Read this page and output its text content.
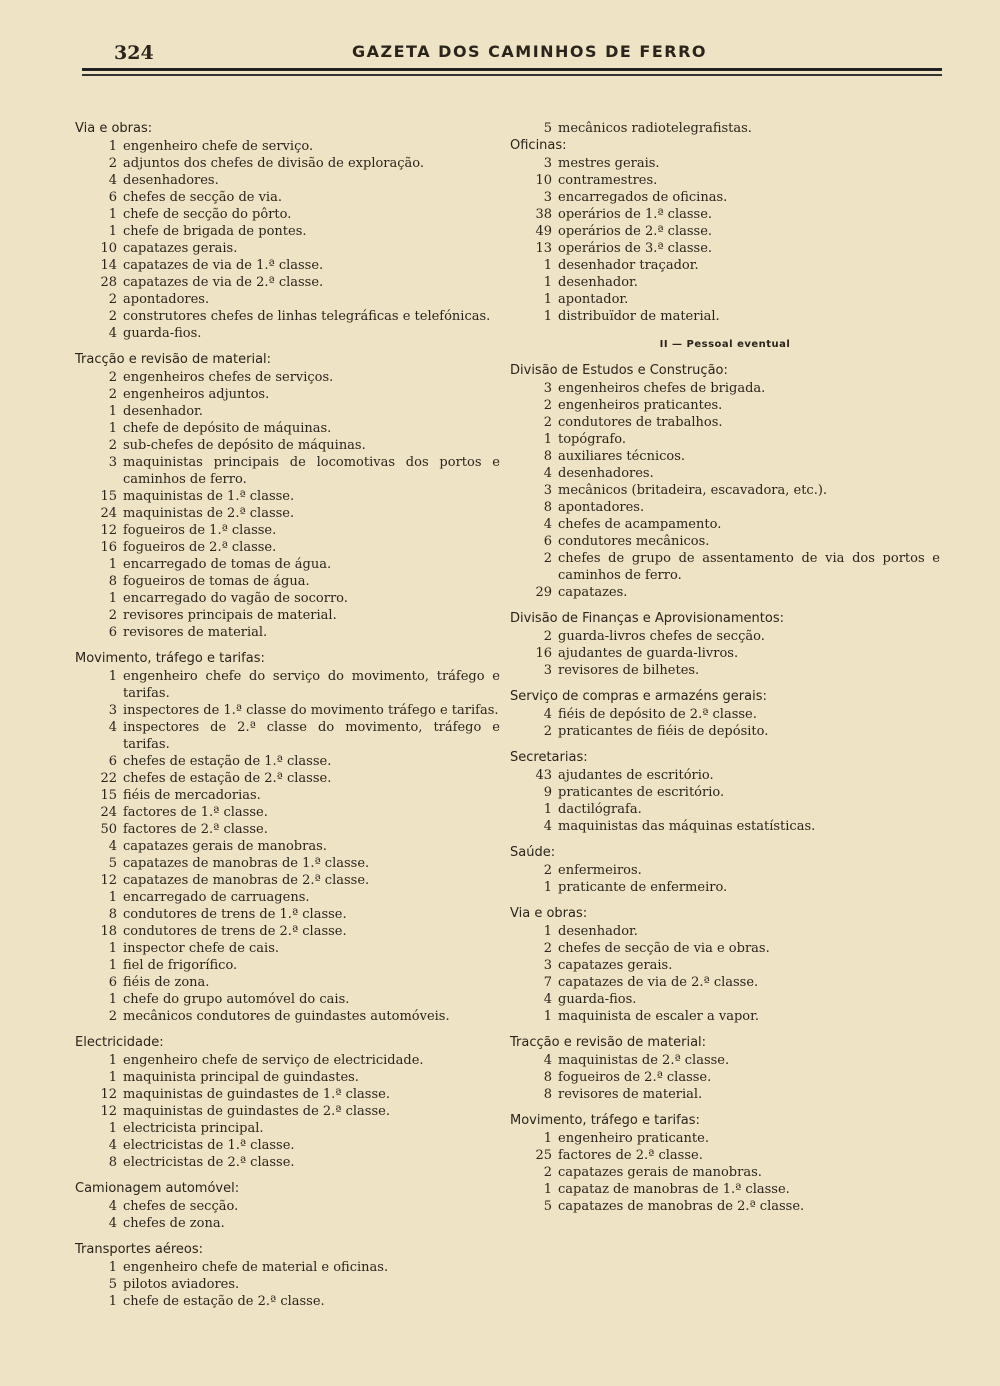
324	GAZETA DOS CAMINHOS DE FERRO
Via e obras:
1 engenheiro chefe de serviço.
2 adjuntos dos chefes de divisão de exploração.
4 desenhadores.
6 chefes de secção de via.
1 chefe de secção do pôrto.
1 chefe de brigada de pontes.
10 capatazes gerais.
14 capatazes de via de 1.ª classe.
28 capatazes de via de 2.ª classe.
2 apontadores.
2 construtores chefes de linhas telegráficas e telefónicas.
4 guarda-fios.
Tracção e revisão de material:
2 engenheiros chefes de serviços.
2 engenheiros adjuntos.
1 desenhador.
1 chefe de depósito de máquinas.
2 sub-chefes de depósito de máquinas.
3 maquinistas principais de locomotivas dos portos e caminhos de ferro.
15 maquinistas de 1.ª classe.
24 maquinistas de 2.ª classe.
12 fogueiros de 1.ª classe.
16 fogueiros de 2.ª classe.
1 encarregado de tomas de água.
8 fogueiros de tomas de água.
1 encarregado do vagão de socorro.
2 revisores principais de material.
6 revisores de material.
Movimento, tráfego e tarifas:
1 engenheiro chefe do serviço do movimento, tráfego e tarifas.
3 inspectores de 1.ª classe do movimento tráfego e tarifas.
4 inspectores de 2.ª classe do movimento, tráfego e tarifas.
6 chefes de estação de 1.ª classe.
22 chefes de estação de 2.ª classe.
15 fiéis de mercadorias.
24 factores de 1.ª classe.
50 factores de 2.ª classe.
4 capatazes gerais de manobras.
5 capatazes de manobras de 1.ª classe.
12 capatazes de manobras de 2.ª classe.
1 encarregado de carruagens.
8 condutores de trens de 1.ª classe.
18 condutores de trens de 2.ª classe.
1 inspector chefe de cais.
1 fiel de frigorífico.
6 fiéis de zona.
1 chefe do grupo automóvel do cais.
2 mecânicos condutores de guindastes automóveis.
Electricidade:
1 engenheiro chefe de serviço de electricidade.
1 maquinista principal de guindastes.
12 maquinistas de guindastes de 1.ª classe.
12 maquinistas de guindastes de 2.ª classe.
1 electricista principal.
4 electricistas de 1.ª classe.
8 electricistas de 2.ª classe.
Camionagem automóvel:
4 chefes de secção.
4 chefes de zona.
Transportes aéreos:
1 engenheiro chefe de material e oficinas.
5 pilotos aviadores.
1 chefe de estação de 2.ª classe.
5 mecânicos radiotelegrafistas.
Oficinas:
3 mestres gerais.
10 contramestres.
3 encarregados de oficinas.
38 operários de 1.ª classe.
49 operários de 2.ª classe.
13 operários de 3.ª classe.
1 desenhador traçador.
1 desenhador.
1 apontador.
1 distribuïdor de material.
II — Pessoal eventual
Divisão de Estudos e Construção:
3 engenheiros chefes de brigada.
2 engenheiros praticantes.
2 condutores de trabalhos.
1 topógrafo.
8 auxiliares técnicos.
4 desenhadores.
3 mecânicos (britadeira, escavadora, etc.).
8 apontadores.
4 chefes de acampamento.
6 condutores mecânicos.
2 chefes de grupo de assentamento de via dos portos e caminhos de ferro.
29 capatazes.
Divisão de Finanças e Aprovisionamentos:
2 guarda-livros chefes de secção.
16 ajudantes de guarda-livros.
3 revisores de bilhetes.
Serviço de compras e armazéns gerais:
4 fiéis de depósito de 2.ª classe.
2 praticantes de fiéis de depósito.
Secretarias:
43 ajudantes de escritório.
9 praticantes de escritório.
1 dactilógrafa.
4 maquinistas das máquinas estatísticas.
Saúde:
2 enfermeiros.
1 praticante de enfermeiro.
Via e obras:
1 desenhador.
2 chefes de secção de via e obras.
3 capatazes gerais.
7 capatazes de via de 2.ª classe.
4 guarda-fios.
1 maquinista de escaler a vapor.
Tracção e revisão de material:
4 maquinistas de 2.ª classe.
8 fogueiros de 2.ª classe.
8 revisores de material.
Movimento, tráfego e tarifas:
1 engenheiro praticante.
25 factores de 2.ª classe.
2 capatazes gerais de manobras.
1 capataz de manobras de 1.ª classe.
5 capatazes de manobras de 2.ª classe.
